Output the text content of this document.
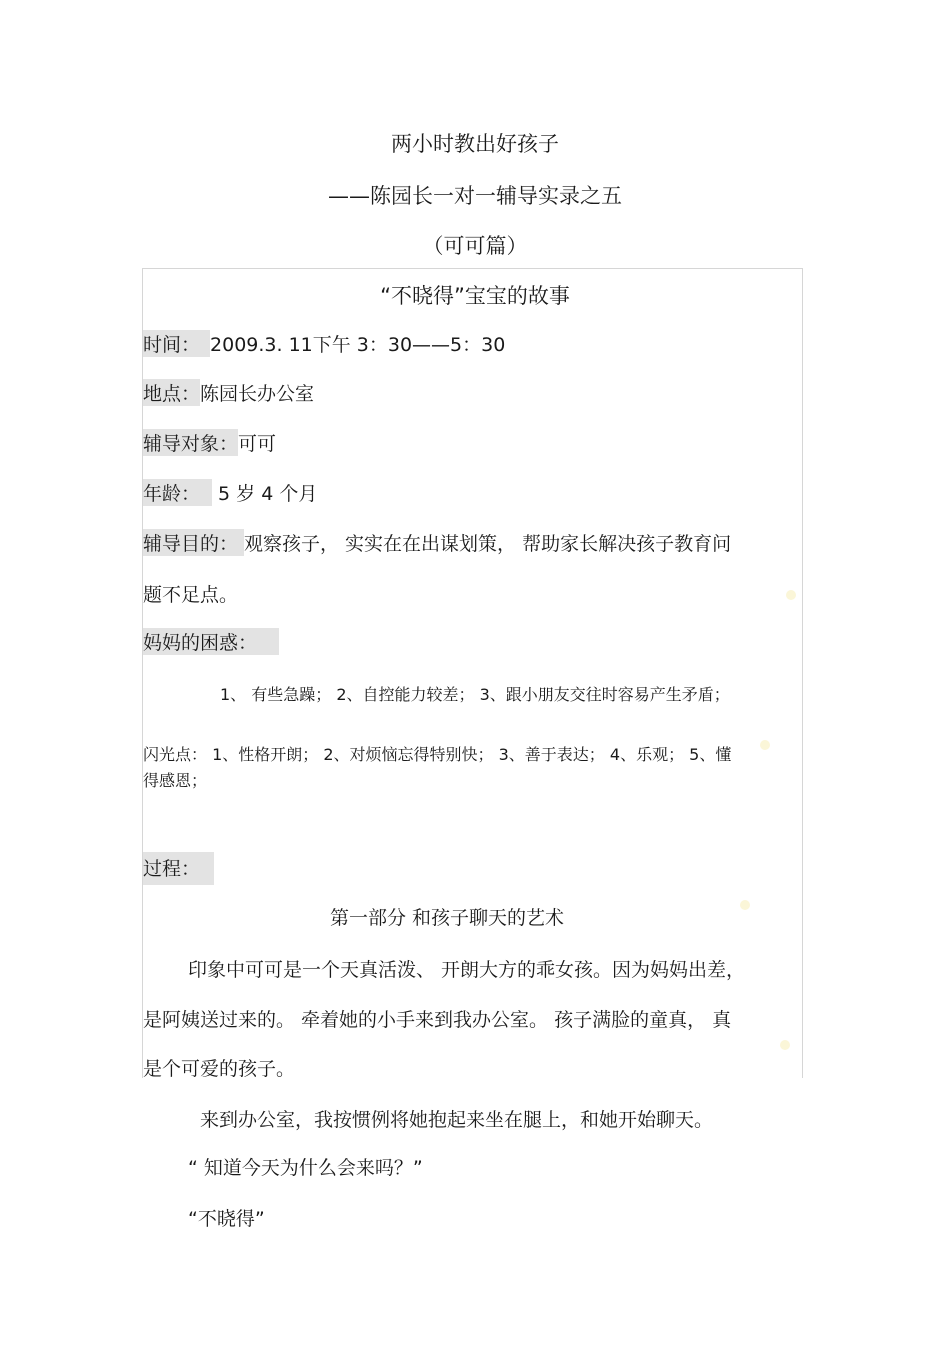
两小时教出好孩子
——陈园长一对一辅导实录之五
（可可篇）
“不晓得”宝宝的故事
时间： 2009.3. 11下午 3：30——5：30
地点：陈园长办公室
辅导对象：可可
年龄： 5 岁 4 个月
辅导目的： 观察孩子， 实实在在出谋划策， 帮助家长解决孩子教育问
题不足点。
妈妈的困惑：
1、 有些急躁； 2、自控能力较差； 3、跟小朋友交往时容易产生矛盾；
闪光点： 1、性格开朗； 2、对烦恼忘得特别快； 3、善于表达； 4、乐观； 5、懂
得感恩；
过程：
第一部分 和孩子聊天的艺术
印象中可可是一个天真活泼、 开朗大方的乖女孩。因为妈妈出差，
是阿姨送过来的。 牵着她的小手来到我办公室。 孩子满脸的童真， 真
是个可爱的孩子。
来到办公室，我按惯例将她抱起来坐在腿上，和她开始聊天。
“ 知道今天为什么会来吗？”
“不晓得”
